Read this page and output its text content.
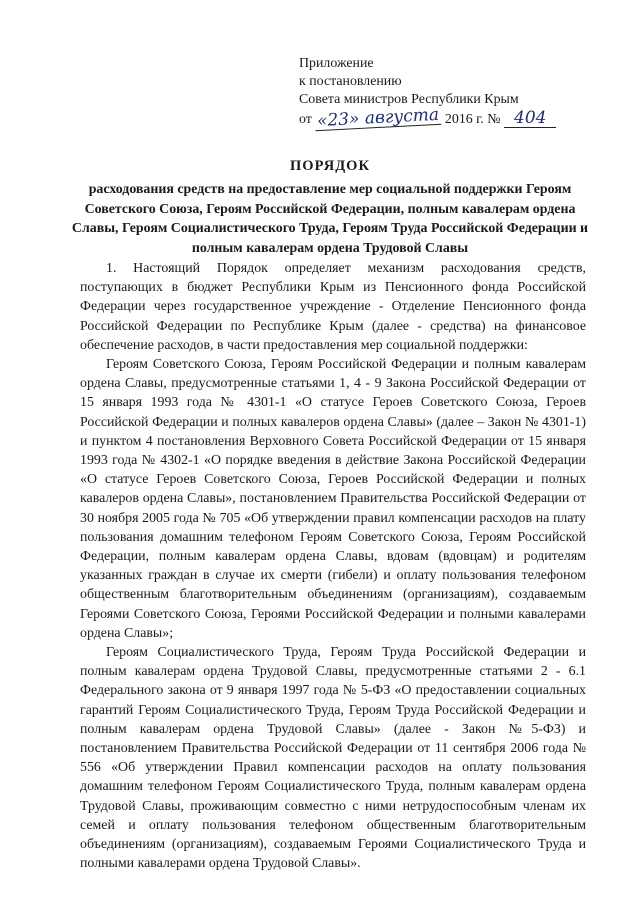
Приложение
к постановлению
Совета министров Республики Крым
от «23» августа 2016 г. № 404
ПОРЯДОК
расходования средств на предоставление мер социальной поддержки Героям Советского Союза, Героям Российской Федерации, полным кавалерам ордена Славы, Героям Социалистического Труда, Героям Труда Российской Федерации и полным кавалерам ордена Трудовой Славы

1. Настоящий Порядок определяет механизм расходования средств, поступающих в бюджет Республики Крым из Пенсионного фонда Российской Федерации через государственное учреждение - Отделение Пенсионного фонда Российской Федерации по Республике Крым (далее - средства) на финансовое обеспечение расходов, в части предоставления мер социальной поддержки:

Героям Советского Союза, Героям Российской Федерации и полным кавалерам ордена Славы, предусмотренные статьями 1, 4 - 9 Закона Российской Федерации от 15 января 1993 года № 4301-1 «О статусе Героев Советского Союза, Героев Российской Федерации и полных кавалеров ордена Славы» (далее – Закон № 4301-1) и пунктом 4 постановления Верховного Совета Российской Федерации от 15 января 1993 года № 4302-1 «О порядке введения в действие Закона Российской Федерации «О статусе Героев Советского Союза, Героев Российской Федерации и полных кавалеров ордена Славы», постановлением Правительства Российской Федерации от 30 ноября 2005 года № 705 «Об утверждении правил компенсации расходов на плату пользования домашним телефоном Героям Советского Союза, Героям Российской Федерации, полным кавалерам ордена Славы, вдовам (вдовцам) и родителям указанных граждан в случае их смерти (гибели) и оплату пользования телефоном общественным благотворительным объединениям (организациям), создаваемым Героями Советского Союза, Героями Российской Федерации и полными кавалерами ордена Славы»;

Героям Социалистического Труда, Героям Труда Российской Федерации и полным кавалерам ордена Трудовой Славы, предусмотренные статьями 2 - 6.1 Федерального закона от 9 января 1997 года № 5-ФЗ «О предоставлении социальных гарантий Героям Социалистического Труда, Героям Труда Российской Федерации и полным кавалерам ордена Трудовой Славы» (далее - Закон №5-ФЗ) и постановлением Правительства Российской Федерации от 11 сентября 2006 года № 556 «Об утверждении Правил компенсации расходов на оплату пользования домашним телефоном Героям Социалистического Труда, полным кавалерам ордена Трудовой Славы, проживающим совместно с ними нетрудоспособным членам их семей и оплату пользования телефоном общественным благотворительным объединениям (организациям), создаваемым Героями Социалистического Труда и полными кавалерами ордена Трудовой Славы».
